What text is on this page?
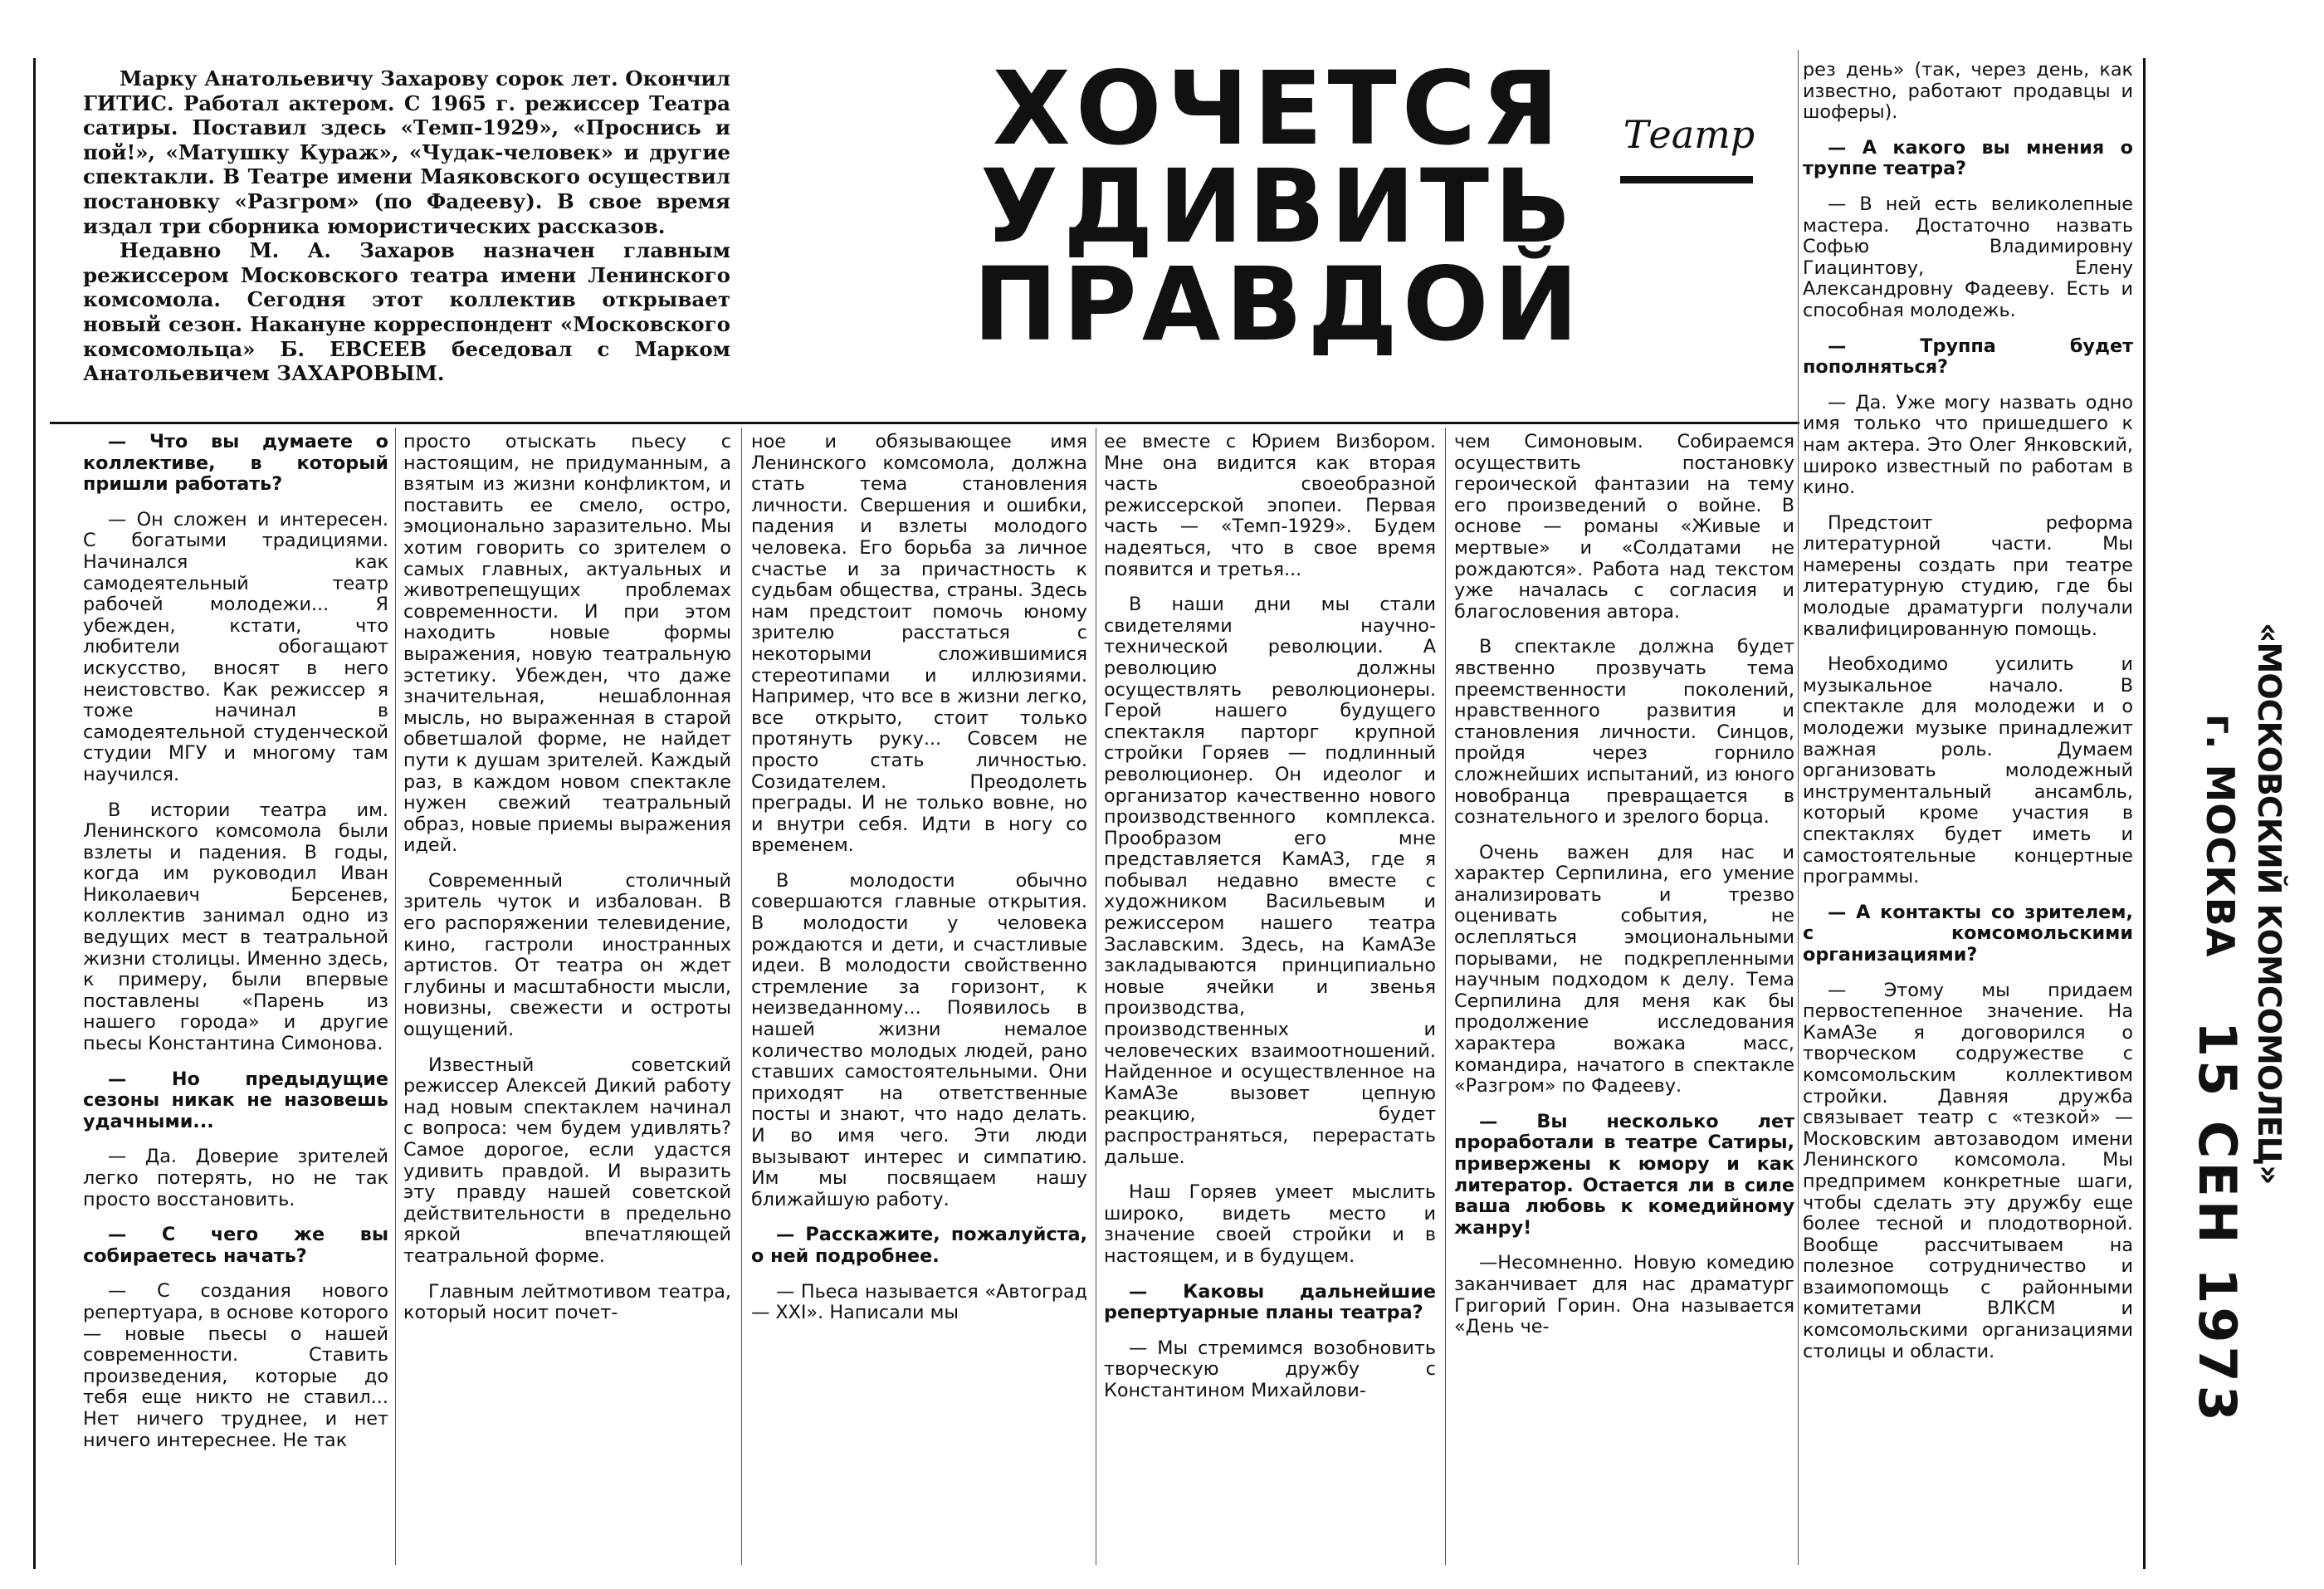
Марку Анатольевичу Захарову сорок лет. Окончил ГИТИС. Работал актером. С 1965 г. режиссер Театра сатиры. Поставил здесь «Темп-1929», «Проснись и пой!», «Матушку Кураж», «Чудак-человек» и другие спектакли. В Театре имени Маяковского осуществил постановку «Разгром» (по Фадееву). В свое время издал три сборника юмористических рассказов.

Недавно М. А. Захаров назначен главным режиссером Московского театра имени Ленинского комсомола. Сегодня этот коллектив открывает новый сезон. Накануне корреспондент «Московского комсомольца» Б. ЕВСЕЕВ беседовал с Марком Анатольевичем ЗАХАРОВЫМ.

ХОЧЕТСЯ
УДИВИТЬ
ПРАВДОЙ
Театр

— Что вы думаете о коллективе, в который пришли работать?

— Он сложен и интересен. С богатыми традициями. Начинался как самодеятельный театр рабочей молодежи... Я убежден, кстати, что любители обогащают искусство, вносят в него неистовство. Как режиссер я тоже начинал в самодеятельной студенческой студии МГУ и многому там научился.

В истории театра им. Ленинского комсомола были взлеты и падения. В годы, когда им руководил Иван Николаевич Берсенев, коллектив занимал одно из ведущих мест в театральной жизни столицы. Именно здесь, к примеру, были впервые поставлены «Парень из нашего города» и другие пьесы Константина Симонова.

— Но предыдущие сезоны никак не назовешь удачными...

— Да. Доверие зрителей легко потерять, но не так просто восстановить.

— С чего же вы собираетесь начать?

— С создания нового репертуара, в основе которого — новые пьесы о нашей современности. Ставить произведения, которые до тебя еще никто не ставил... Нет ничего труднее, и нет ничего интереснее. Не так

просто отыскать пьесу с настоящим, не придуманным, а взятым из жизни конфликтом, и поставить ее смело, остро, эмоционально заразительно. Мы хотим говорить со зрителем о самых главных, актуальных и животрепещущих проблемах современности. И при этом находить новые формы выражения, новую театральную эстетику. Убежден, что даже значительная, нешаблонная мысль, но выраженная в старой обветшалой форме, не найдет пути к душам зрителей. Каждый раз, в каждом новом спектакле нужен свежий театральный образ, новые приемы выражения идей.

Современный столичный зритель чуток и избалован. В его распоряжении телевидение, кино, гастроли иностранных артистов. От театра он ждет глубины и масштабности мысли, новизны, свежести и остроты ощущений.

Известный советский режиссер Алексей Дикий работу над новым спектаклем начинал с вопроса: чем будем удивлять? Самое дорогое, если удастся удивить правдой. И выразить эту правду нашей советской действительности в предельно яркой впечатляющей театральной форме.

Главным лейтмотивом театра, который носит почет-

ное и обязывающее имя Ленинского комсомола, должна стать тема становления личности. Свершения и ошибки, падения и взлеты молодого человека. Его борьба за личное счастье и за причастность к судьбам общества, страны. Здесь нам предстоит помочь юному зрителю расстаться с некоторыми сложившимися стереотипами и иллюзиями. Например, что все в жизни легко, все открыто, стоит только протянуть руку... Совсем не просто стать личностью. Созидателем. Преодолеть преграды. И не только вовне, но и внутри себя. Идти в ногу со временем.

В молодости обычно совершаются главные открытия. В молодости у человека рождаются и дети, и счастливые идеи. В молодости свойственно стремление за горизонт, к неизведанному... Появилось в нашей жизни немалое количество молодых людей, рано ставших самостоятельными. Они приходят на ответственные посты и знают, что надо делать. И во имя чего. Эти люди вызывают интерес и симпатию. Им мы посвящаем нашу ближайшую работу.

— Расскажите, пожалуйста, о ней подробнее.

— Пьеса называется «Автоград — XXI». Написали мы

ее вместе с Юрием Визбором. Мне она видится как вторая часть своеобразной режиссерской эпопеи. Первая часть — «Темп-1929». Будем надеяться, что в свое время появится и третья...

В наши дни мы стали свидетелями научно-технической революции. А революцию должны осуществлять революционеры. Герой нашего будущего спектакля парторг крупной стройки Горяев — подлинный революционер. Он идеолог и организатор качественно нового производственного комплекса. Прообразом его мне представляется КамАЗ, где я побывал недавно вместе с художником Васильевым и режиссером нашего театра Заславским. Здесь, на КамАЗе закладываются принципиально новые ячейки и звенья производства, производственных и человеческих взаимоотношений. Найденное и осуществленное на КамАЗе вызовет цепную реакцию, будет распространяться, перерастать дальше.

Наш Горяев умеет мыслить широко, видеть место и значение своей стройки и в настоящем, и в будущем.

— Каковы дальнейшие репертуарные планы театра?

— Мы стремимся возобновить творческую дружбу с Константином Михайлови-

чем Симоновым. Собираемся осуществить постановку героической фантазии на тему его произведений о войне. В основе — романы «Живые и мертвые» и «Солдатами не рождаются». Работа над текстом уже началась с согласия и благословения автора.

В спектакле должна будет явственно прозвучать тема преемственности поколений, нравственного развития и становления личности. Синцов, пройдя через горнило сложнейших испытаний, из юного новобранца превращается в сознательного и зрелого борца.

Очень важен для нас и характер Серпилина, его умение анализировать и трезво оценивать события, не ослепляться эмоциональными порывами, не подкрепленными научным подходом к делу. Тема Серпилина для меня как бы продолжение исследования характера вожака масс, командира, начатого в спектакле «Разгром» по Фадееву.

— Вы несколько лет проработали в театре Сатиры, привержены к юмору и как литератор. Остается ли в силе ваша любовь к комедийному жанру!

—Несомненно. Новую комедию заканчивает для нас драматург Григорий Горин. Она называется «День че-

рез день» (так, через день, как известно, работают продавцы и шоферы).

— А какого вы мнения о труппе театра?

— В ней есть великолепные мастера. Достаточно назвать Софью Владимировну Гиацинтову, Елену Александровну Фадееву. Есть и способная молодежь.

— Труппа будет пополняться?

— Да. Уже могу назвать одно имя только что пришедшего к нам актера. Это Олег Янковский, широко известный по работам в кино.

Предстоит реформа литературной части. Мы намерены создать при театре литературную студию, где бы молодые драматурги получали квалифицированную помощь.

Необходимо усилить и музыкальное начало. В спектакле для молодежи и о молодежи музыке принадлежит важная роль. Думаем организовать молодежный инструментальный ансамбль, который кроме участия в спектаклях будет иметь и самостоятельные концертные программы.

— А контакты со зрителем, с комсомольскими организациями?

— Этому мы придаем первостепенное значение. На КамАЗе я договорился о творческом содружестве с комсомольским коллективом стройки. Давняя дружба связывает театр с «тезкой» — Московским автозаводом имени Ленинского комсомола. Мы предпримем конкретные шаги, чтобы сделать эту дружбу еще более тесной и плодотворной. Вообще рассчитываем на полезное сотрудничество и взаимопомощь с районными комитетами ВЛКСМ и комсомольскими организациями столицы и области.

«МОСКОВСКИЙ КОМСОМОЛЕЦ»
г. МОСКВА
15 СЕН 1973
